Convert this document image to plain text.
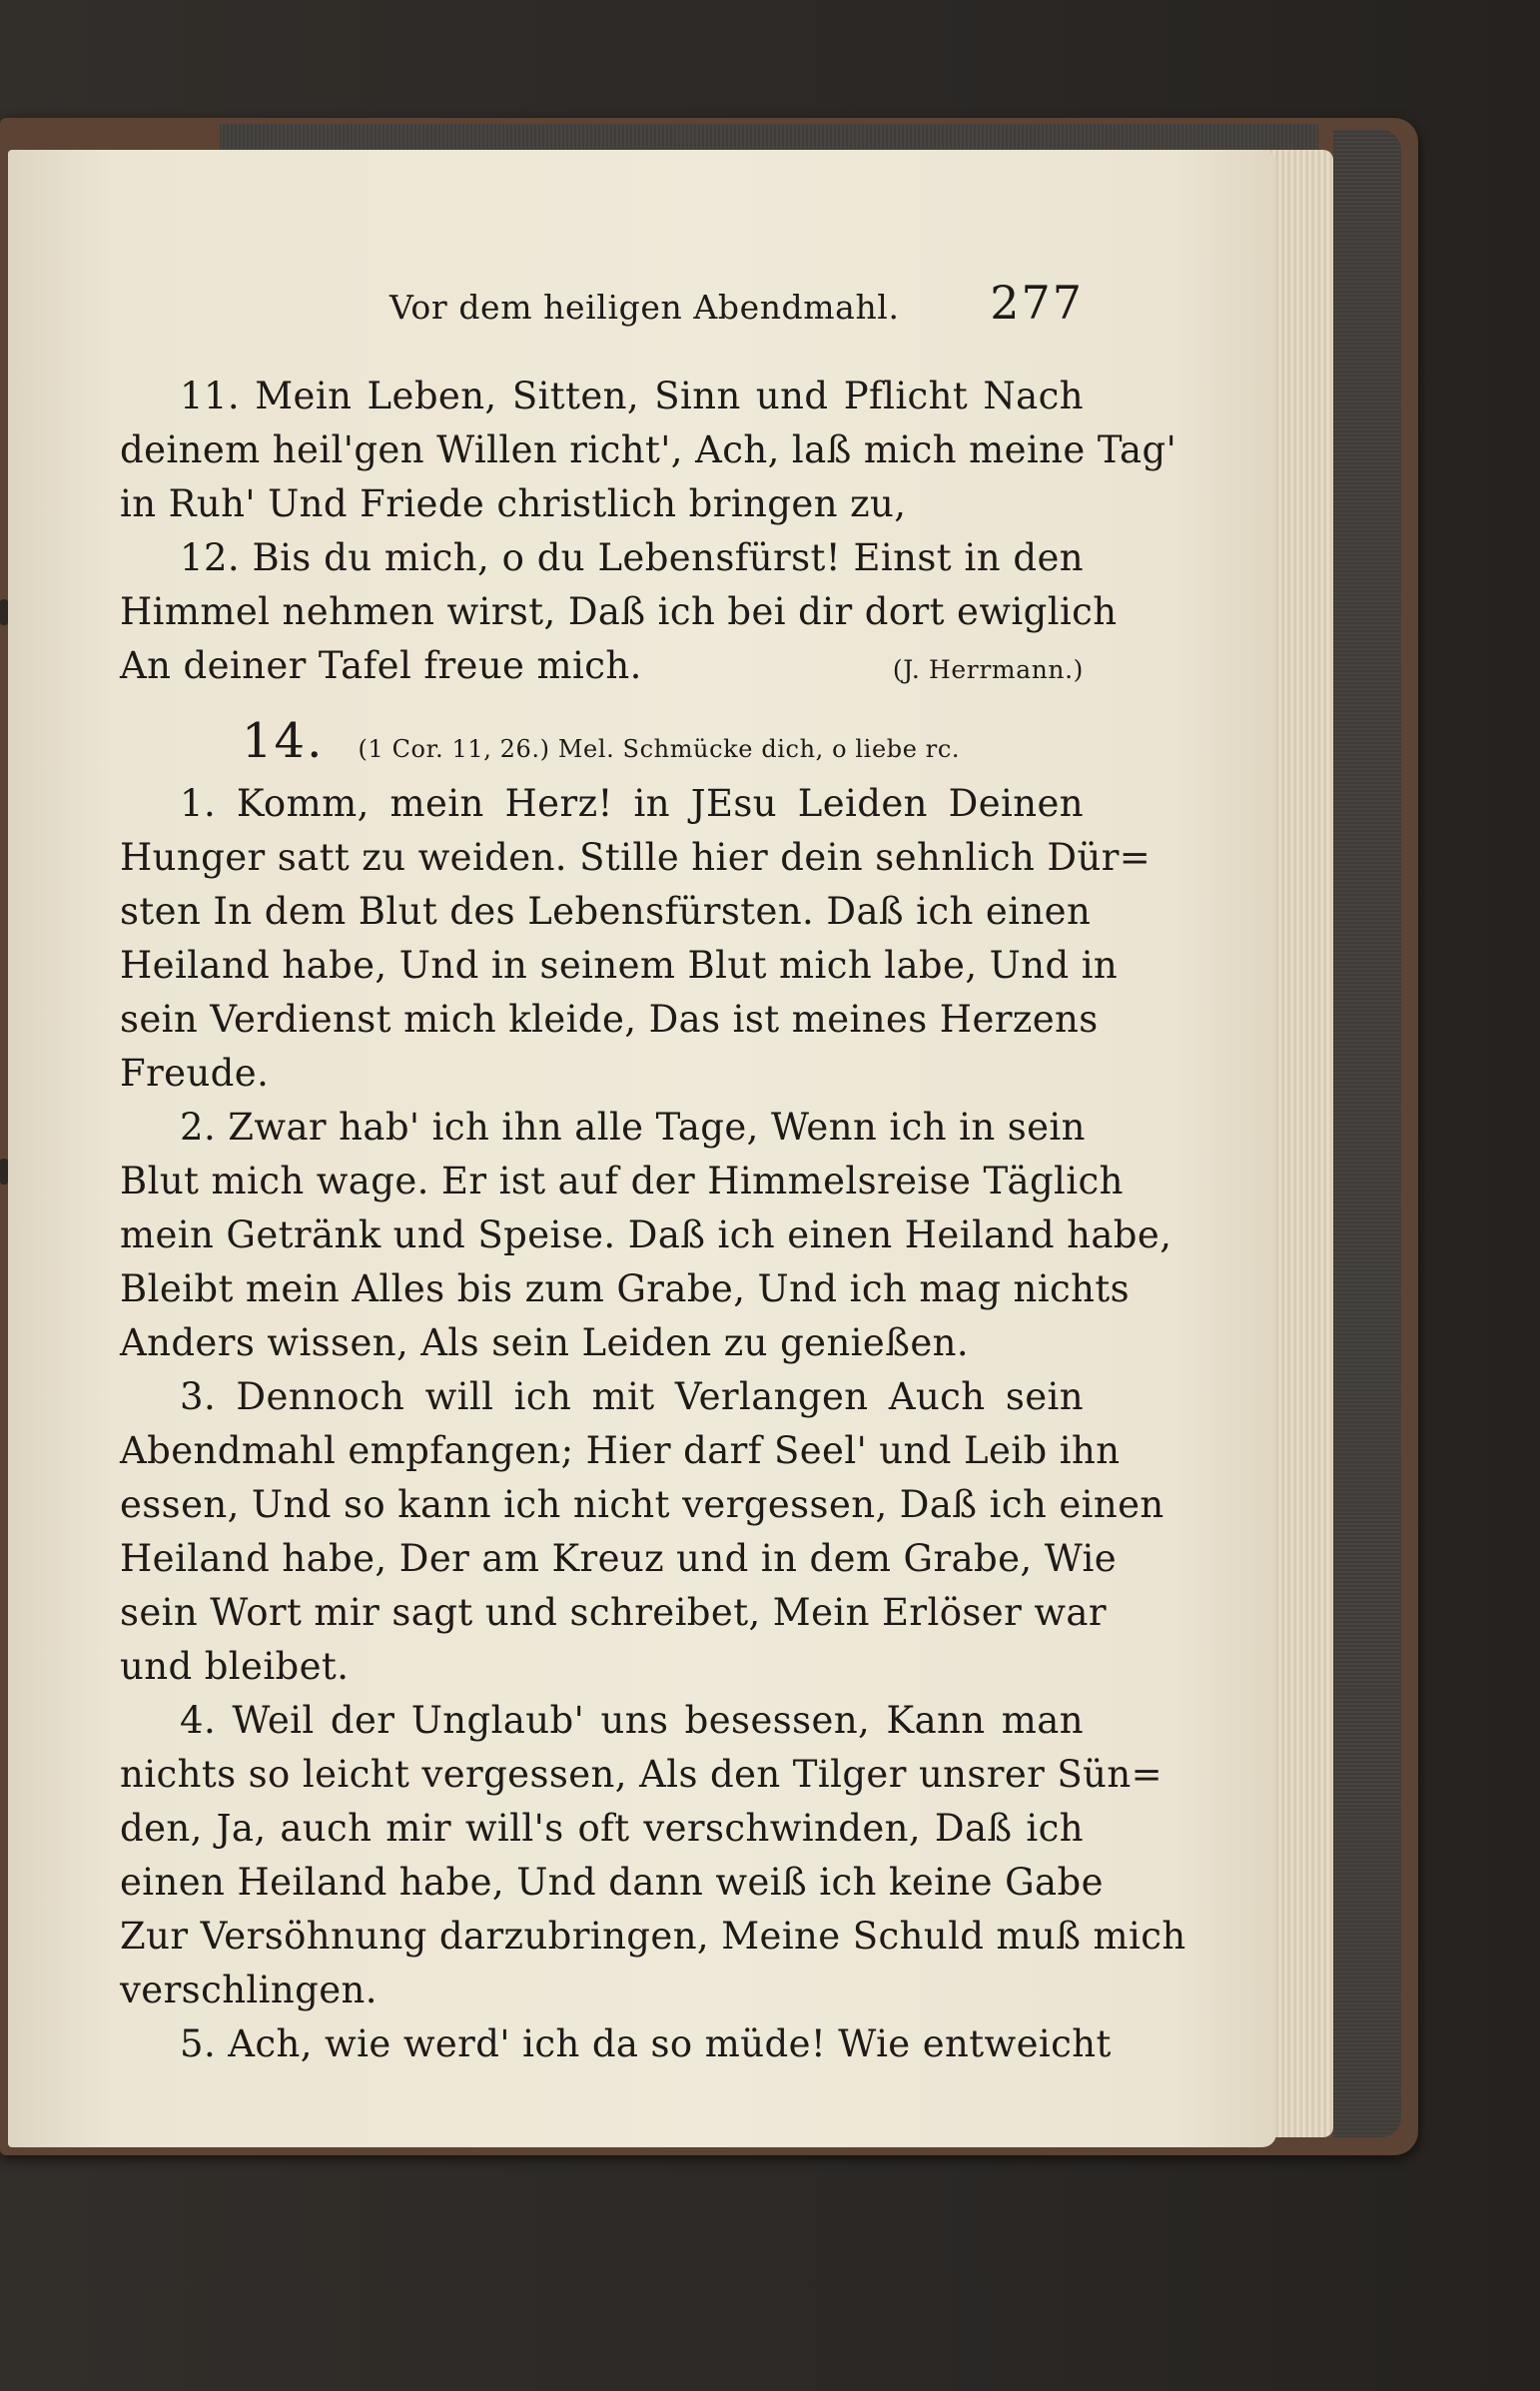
Vor dem heiligen Abendmahl. 277
11. Mein Leben, Sitten, Sinn und Pflicht Nach
deinem heil'gen Willen richt', Ach, laß mich meine Tag'
in Ruh' Und Friede christlich bringen zu,
12. Bis du mich, o du Lebensfürst! Einst in den
Himmel nehmen wirst, Daß ich bei dir dort ewiglich
An deiner Tafel freue mich.	(J. Herrmann.)
14. (1 Cor. 11, 26.) Mel. Schmücke dich, o liebe rc.
1. Komm, mein Herz! in JEsu Leiden Deinen
Hunger satt zu weiden. Stille hier dein sehnlich Dür=
sten In dem Blut des Lebensfürsten. Daß ich einen
Heiland habe, Und in seinem Blut mich labe, Und in
sein Verdienst mich kleide, Das ist meines Herzens
Freude.
2. Zwar hab' ich ihn alle Tage, Wenn ich in sein
Blut mich wage. Er ist auf der Himmelsreise Täglich
mein Getränk und Speise. Daß ich einen Heiland habe,
Bleibt mein Alles bis zum Grabe, Und ich mag nichts
Anders wissen, Als sein Leiden zu genießen.
3. Dennoch will ich mit Verlangen Auch sein
Abendmahl empfangen; Hier darf Seel' und Leib ihn
essen, Und so kann ich nicht vergessen, Daß ich einen
Heiland habe, Der am Kreuz und in dem Grabe, Wie
sein Wort mir sagt und schreibet, Mein Erlöser war
und bleibet.
4. Weil der Unglaub' uns besessen, Kann man
nichts so leicht vergessen, Als den Tilger unsrer Sün=
den, Ja, auch mir will's oft verschwinden, Daß ich
einen Heiland habe, Und dann weiß ich keine Gabe
Zur Versöhnung darzubringen, Meine Schuld muß mich
verschlingen.
5. Ach, wie werd' ich da so müde! Wie entweicht
